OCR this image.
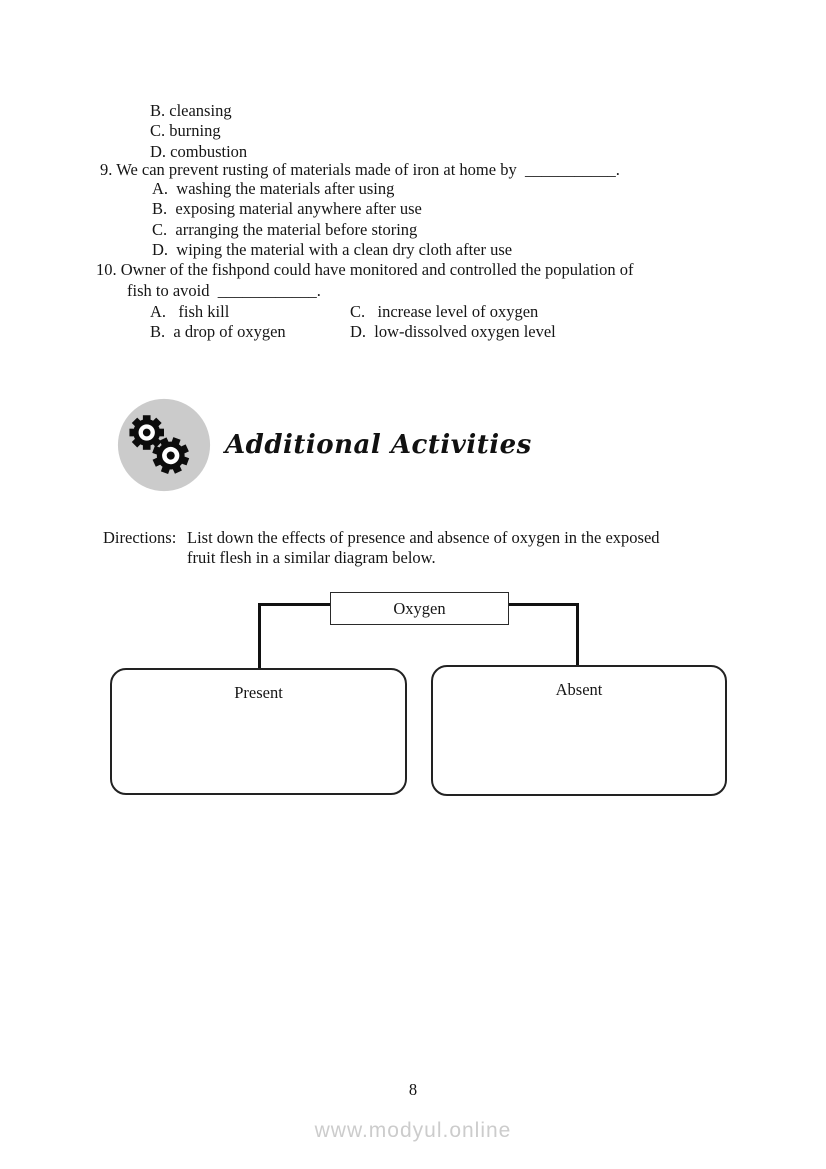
B. cleansing
C. burning
D. combustion
9. We can prevent rusting of materials made of iron at home by  ___________.
A.  washing the materials after using
B.  exposing material anywhere after use
C.  arranging the material before storing
D.  wiping the material with a clean dry cloth after use
10. Owner of the fishpond could have monitored and controlled the population of
fish to avoid  ____________.
A.   fish kill	C.   increase level of oxygen
B.  a drop of oxygen	D.  low-dissolved oxygen level
Additional Activities
Directions: List down the effects of presence and absence of oxygen in the exposed
fruit flesh in a similar diagram below.
Oxygen
Present	Absent
8
www.modyul.online
